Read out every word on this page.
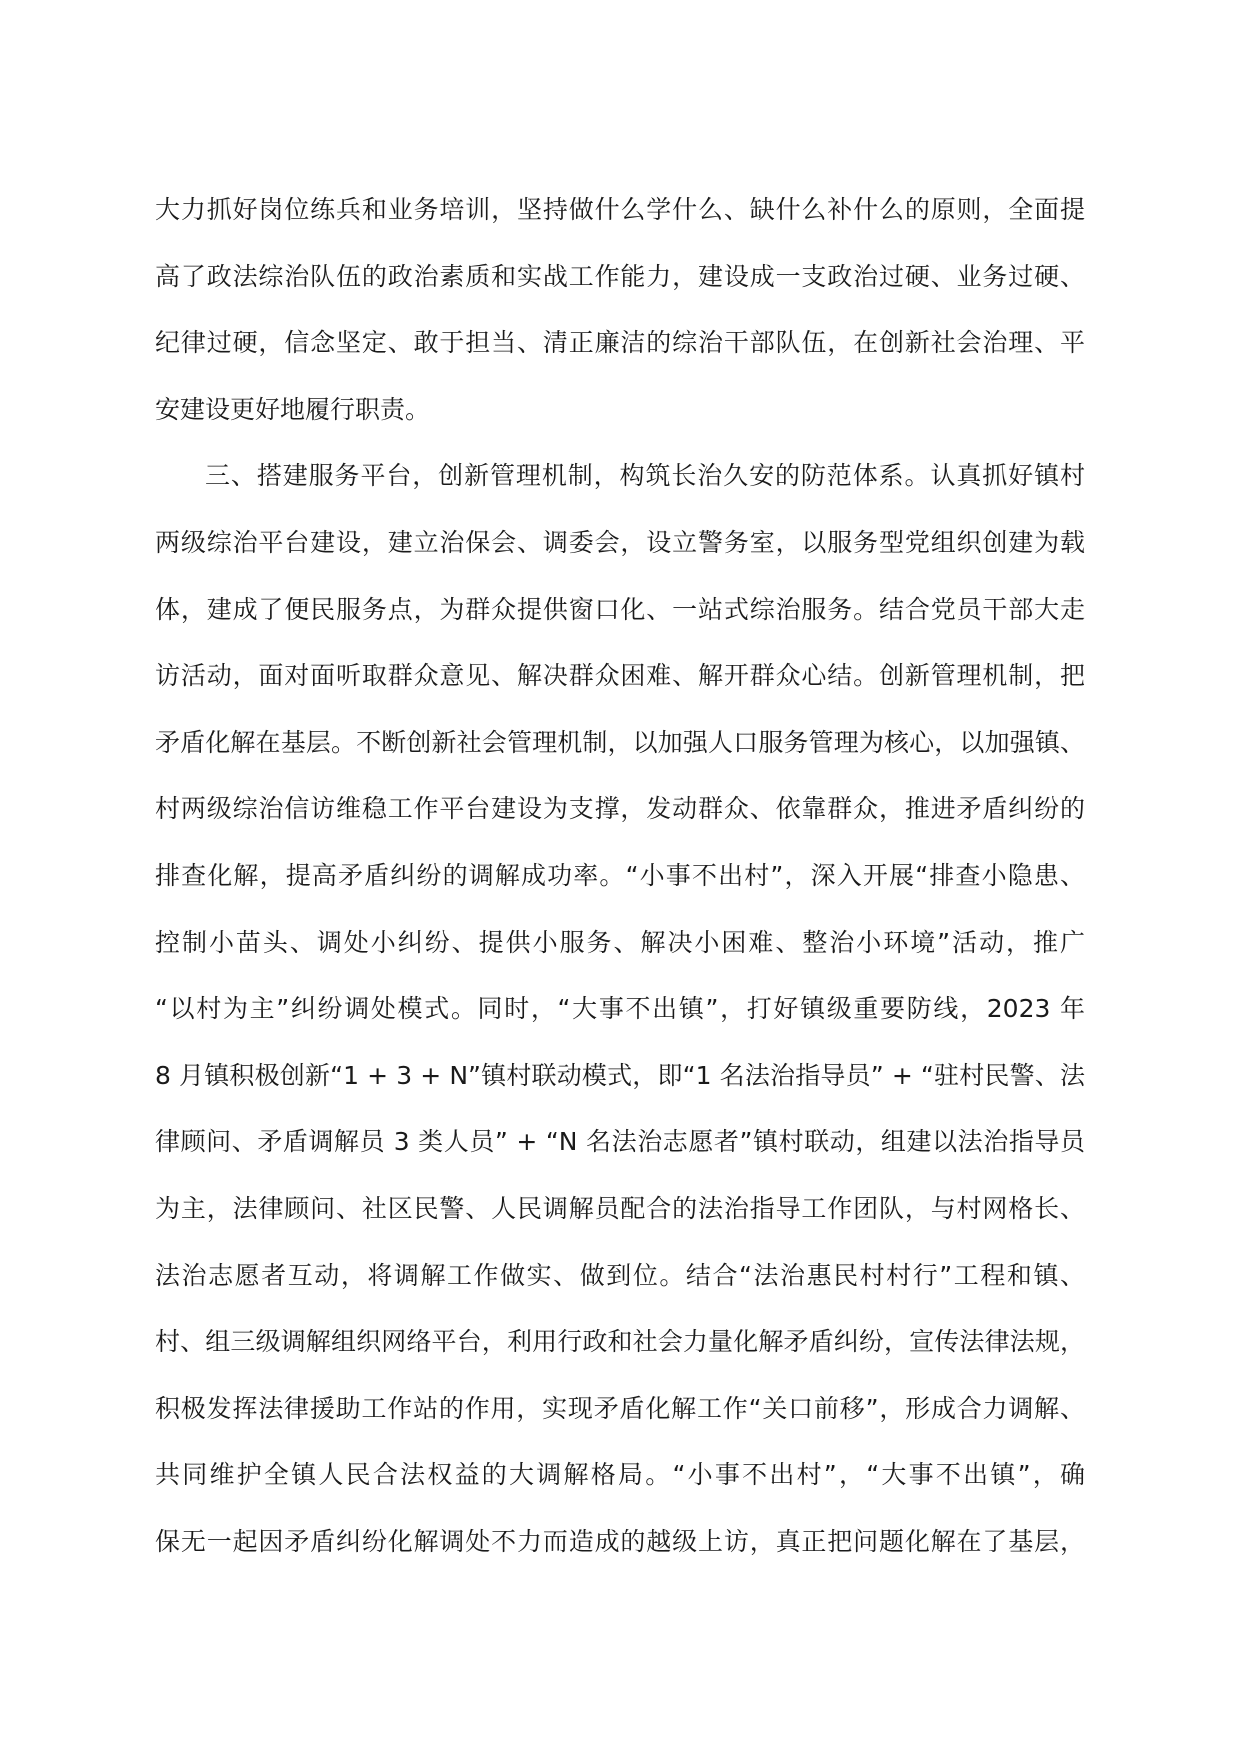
大力抓好岗位练兵和业务培训，坚持做什么学什么、缺什么补什么的原则，全面提
高了政法综治队伍的政治素质和实战工作能力，建设成一支政治过硬、业务过硬、
纪律过硬，信念坚定、敢于担当、清正廉洁的综治干部队伍，在创新社会治理、平
安建设更好地履行职责。
三、搭建服务平台，创新管理机制，构筑长治久安的防范体系。认真抓好镇村
两级综治平台建设，建立治保会、调委会，设立警务室，以服务型党组织创建为载
体，建成了便民服务点，为群众提供窗口化、一站式综治服务。结合党员干部大走
访活动，面对面听取群众意见、解决群众困难、解开群众心结。创新管理机制，把
矛盾化解在基层。不断创新社会管理机制，以加强人口服务管理为核心，以加强镇、
村两级综治信访维稳工作平台建设为支撑，发动群众、依靠群众，推进矛盾纠纷的
排查化解，提高矛盾纠纷的调解成功率。“小事不出村”，深入开展“排查小隐患、
控制小苗头、调处小纠纷、提供小服务、解决小困难、整治小环境”活动，推广
“以村为主”纠纷调处模式。同时，“大事不出镇”，打好镇级重要防线，2023 年
8 月镇积极创新“1 + 3 + N”镇村联动模式，即“1 名法治指导员” + “驻村民警、法
律顾问、矛盾调解员 3 类人员” + “N 名法治志愿者”镇村联动，组建以法治指导员
为主，法律顾问、社区民警、人民调解员配合的法治指导工作团队，与村网格长、
法治志愿者互动，将调解工作做实、做到位。结合“法治惠民村村行”工程和镇、
村、组三级调解组织网络平台，利用行政和社会力量化解矛盾纠纷，宣传法律法规，
积极发挥法律援助工作站的作用，实现矛盾化解工作“关口前移”，形成合力调解、
共同维护全镇人民合法权益的大调解格局。“小事不出村”，“大事不出镇”，确
保无一起因矛盾纠纷化解调处不力而造成的越级上访，真正把问题化解在了基层，
